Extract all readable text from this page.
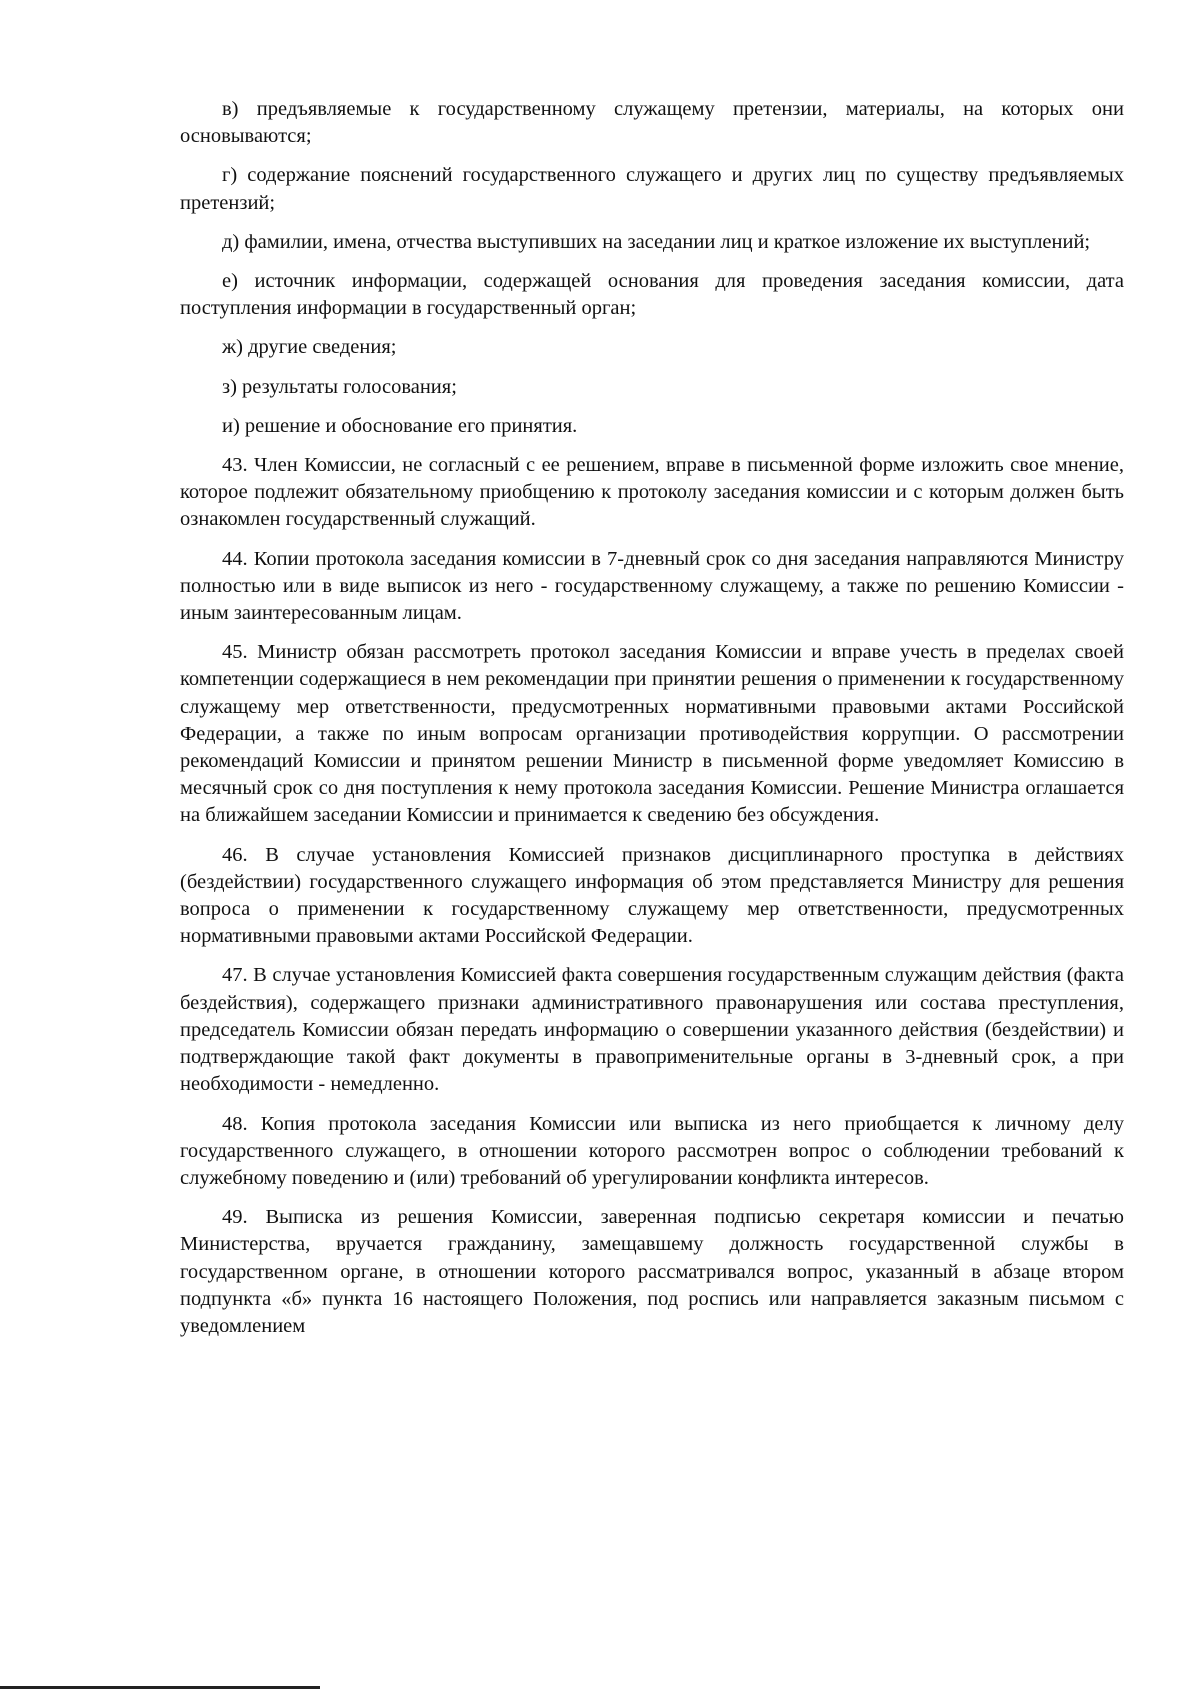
в) предъявляемые к государственному служащему претензии, материалы, на которых они основываются;

г) содержание пояснений государственного служащего и других лиц по существу предъявляемых претензий;

д) фамилии, имена, отчества выступивших на заседании лиц и краткое изложение их выступлений;

е) источник информации, содержащей основания для проведения заседания комиссии, дата поступления информации в государственный орган;

ж) другие сведения;

з) результаты голосования;

и) решение и обоснование его принятия.

43. Член Комиссии, не согласный с ее решением, вправе в письменной форме изложить свое мнение, которое подлежит обязательному приобщению к протоколу заседания комиссии и с которым должен быть ознакомлен государственный служащий.

44. Копии протокола заседания комиссии в 7-дневный срок со дня заседания направляются Министру полностью или в виде выписок из него - государственному служащему, а также по решению Комиссии - иным заинтересованным лицам.

45. Министр обязан рассмотреть протокол заседания Комиссии и вправе учесть в пределах своей компетенции содержащиеся в нем рекомендации при принятии решения о применении к государственному служащему мер ответственности, предусмотренных нормативными правовыми актами Российской Федерации, а также по иным вопросам организации противодействия коррупции. О рассмотрении рекомендаций Комиссии и принятом решении Министр в письменной форме уведомляет Комиссию в месячный срок со дня поступления к нему протокола заседания Комиссии. Решение Министра оглашается на ближайшем заседании Комиссии и принимается к сведению без обсуждения.

46. В случае установления Комиссией признаков дисциплинарного проступка в действиях (бездействии) государственного служащего информация об этом представляется Министру для решения вопроса о применении к государственному служащему мер ответственности, предусмотренных нормативными правовыми актами Российской Федерации.

47. В случае установления Комиссией факта совершения государственным служащим действия (факта бездействия), содержащего признаки административного правонарушения или состава преступления, председатель Комиссии обязан передать информацию о совершении указанного действия (бездействии) и подтверждающие такой факт документы в правоприменительные органы в 3-дневный срок, а при необходимости - немедленно.

48. Копия протокола заседания Комиссии или выписка из него приобщается к личному делу государственного служащего, в отношении которого рассмотрен вопрос о соблюдении требований к служебному поведению и (или) требований об урегулировании конфликта интересов.

49. Выписка из решения Комиссии, заверенная подписью секретаря комиссии и печатью Министерства, вручается гражданину, замещавшему должность государственной службы в государственном органе, в отношении которого рассматривался вопрос, указанный в абзаце втором подпункта «б» пункта 16 настоящего Положения, под роспись или направляется заказным письмом с уведомлением
